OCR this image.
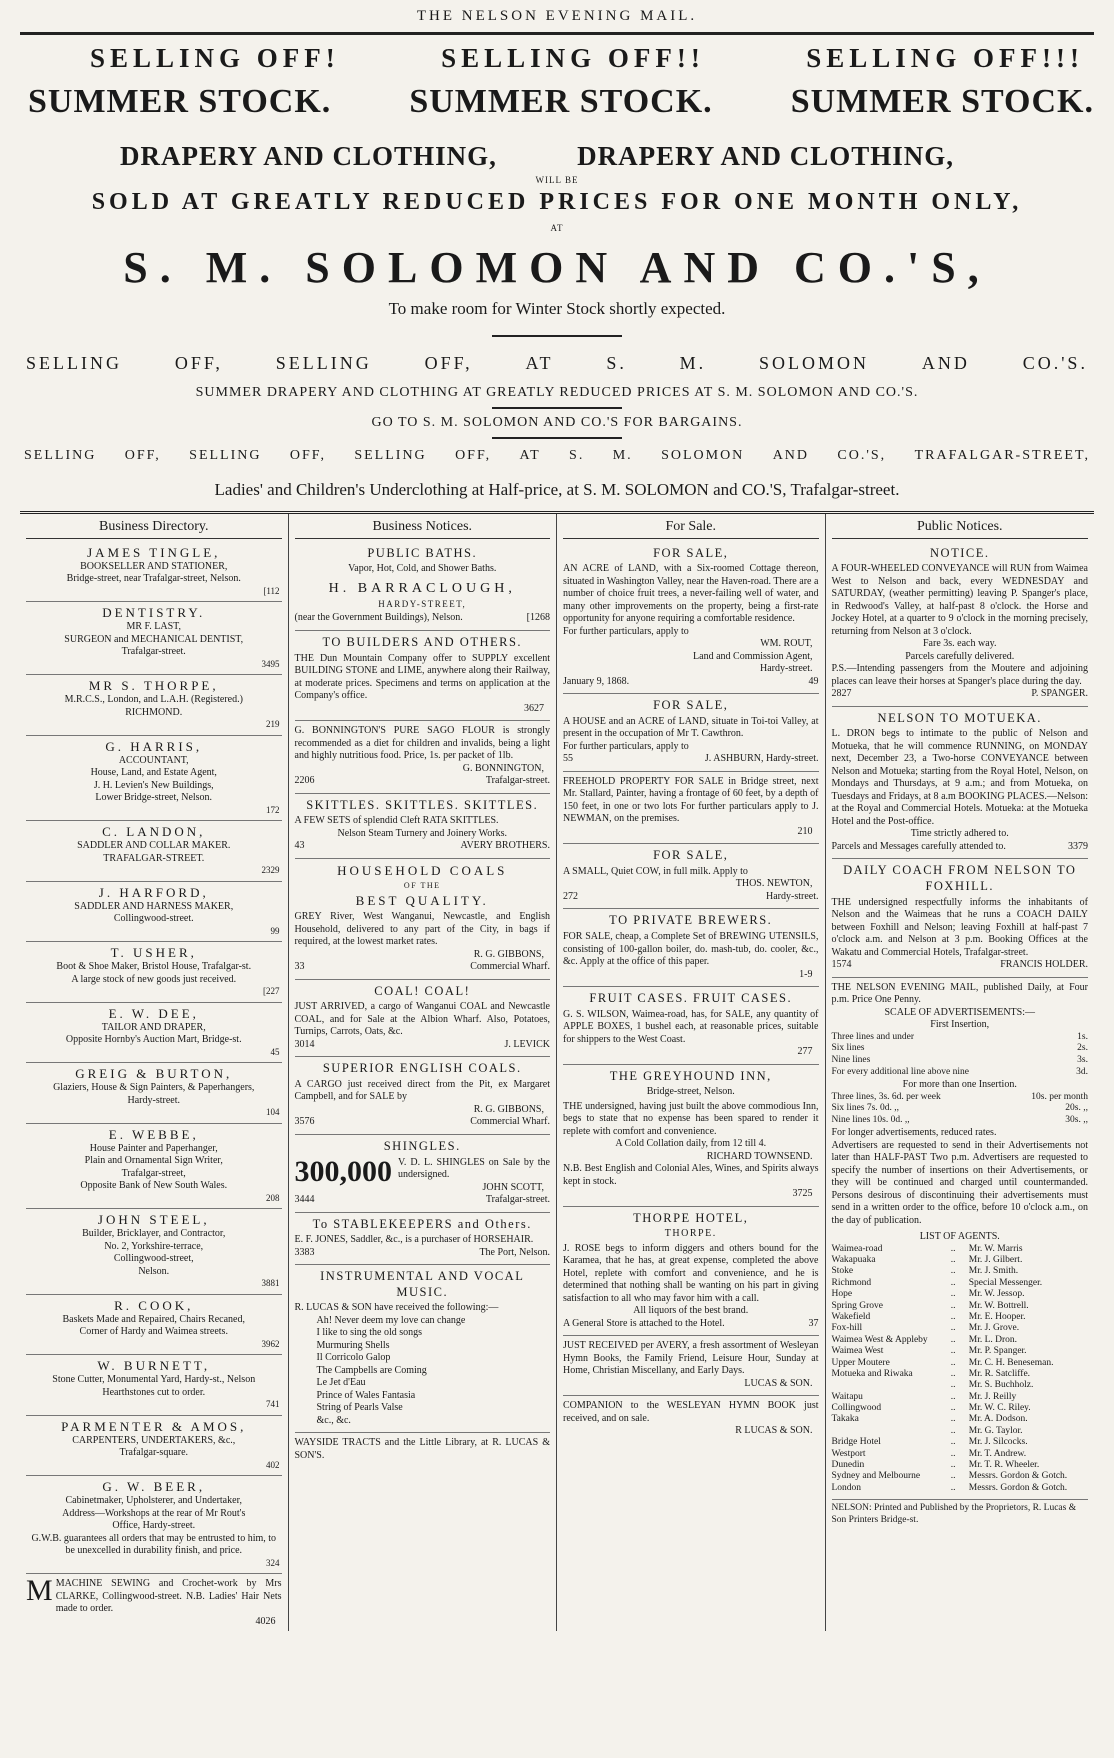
THE NELSON EVENING MAIL.
SELLING OFF!	SELLING OFF!!	SELLING OFF!!!
SUMMER STOCK. SUMMER STOCK. SUMMER STOCK.
DRAPERY AND CLOTHING,	DRAPERY AND CLOTHING,
WILL BE
SOLD AT GREATLY REDUCED PRICES FOR ONE MONTH ONLY,
AT
S. M. SOLOMON AND CO.'S,
To make room for Winter Stock shortly expected.
SELLING	OFF,	SELLING	OFF,	AT	S.	M.	SOLOMON	AND	CO.'S.
SUMMER DRAPERY AND CLOTHING AT GREATLY REDUCED PRICES AT S. M. SOLOMON AND CO.'S.
GO TO S. M. SOLOMON AND CO.'S FOR BARGAINS.
SELLING OFF, SELLING OFF, SELLING OFF, AT S. M. SOLOMON AND CO.'S, TRAFALGAR-STREET,
Ladies' and Children's Underclothing at Half-price, at S. M. SOLOMON and CO.'S, Trafalgar-street.
Business Directory.
JAMES TINGLE,
BOOKSELLER AND STATIONER,
Bridge-street, near Trafalgar-street, Nelson.
[112
DENTISTRY.
MR F. LAST,
SURGEON and MECHANICAL DENTIST,
Trafalgar-street.
3495
MR S. THORPE,
M.R.C.S., London, and L.A.H. (Registered.)
RICHMOND.
219
G. HARRIS,
ACCOUNTANT,
House, Land, and Estate Agent,
J. H. Levien's New Buildings,
Lower Bridge-street, Nelson.
172
C. LANDON,
SADDLER AND COLLAR MAKER.
TRAFALGAR-STREET.
2329
J. HARFORD,
SADDLER AND HARNESS MAKER,
Collingwood-street.
99
T. USHER,
Boot & Shoe Maker, Bristol House, Trafalgar-st.
A large stock of new goods just received.
[227
E. W. DEE,
TAILOR AND DRAPER,
Opposite Hornby's Auction Mart, Bridge-st.
45
GREIG & BURTON,
Glaziers, House & Sign Painters, & Paperhangers,
Hardy-street.
104
E. WEBBE,
House Painter and Paperhanger,
Plain and Ornamental Sign Writer,
Trafalgar-street,
Opposite Bank of New South Wales.
208
JOHN STEEL,
Builder, Bricklayer, and Contractor,
No. 2, Yorkshire-terrace,
Collingwood-street,
Nelson.
3881
R. COOK,
Baskets Made and Repaired, Chairs Recaned,
Corner of Hardy and Waimea streets.
3962
W. BURNETT,
Stone Cutter, Monumental Yard, Hardy-st., Nelson
Hearthstones cut to order.
741
PARMENTER & AMOS,
CARPENTERS, UNDERTAKERS, &c.,
Trafalgar-square.
402
G. W. BEER,
Cabinetmaker, Upholsterer, and Undertaker,
Address—Workshops at the rear of Mr Rout's
Office, Hardy-street.
G.W.B. guarantees all orders that may be entrusted to him, to be unexcelled in durability finish, and price.
324
MMACHINE SEWING and Crochet-work by Mrs CLARKE, Collingwood-street. N.B. Ladies' Hair Nets made to order.
4026
Business Notices.
PUBLIC BATHS.
Vapor, Hot, Cold, and Shower Baths.
H. BARRACLOUGH,
HARDY-STREET,
(near the Government Buildings), Nelson.	[1268
TO BUILDERS AND OTHERS.
THE Dun Mountain Company offer to SUPPLY excellent BUILDING STONE and LIME, anywhere along their Railway, at moderate prices. Specimens and terms on application at the Company's office.
3627
G. BONNINGTON'S PURE SAGO FLOUR is strongly recommended as a diet for children and invalids, being a light and highly nutritious food. Price, 1s. per packet of 1lb.
G. BONNINGTON,
2206	Trafalgar-street.
SKITTLES. SKITTLES. SKITTLES.
A FEW SETS of splendid Cleft RATA SKITTLES.
Nelson Steam Turnery and Joinery Works.
43	AVERY BROTHERS.
HOUSEHOLD COALS
OF THE
BEST QUALITY.
GREY River, West Wanganui, Newcastle, and English Household, delivered to any part of the City, in bags if required, at the lowest market rates.
R. G. GIBBONS,
33	Commercial Wharf.
COAL! COAL!
JUST ARRIVED, a cargo of Wanganui COAL and Newcastle COAL, and for Sale at the Albion Wharf. Also, Potatoes, Turnips, Carrots, Oats, &c.
3014	J. LEVICK
SUPERIOR ENGLISH COALS.
A CARGO just received direct from the Pit, ex Margaret Campbell, and for SALE by
R. G. GIBBONS,
3576	Commercial Wharf.
SHINGLES.
300,000 V. D. L. SHINGLES on Sale by the undersigned.
JOHN SCOTT,
3444	Trafalgar-street.
To STABLEKEEPERS and Others.
E. F. JONES, Saddler, &c., is a purchaser of HORSEHAIR.
3383	The Port, Nelson.
INSTRUMENTAL AND VOCAL MUSIC.
R. LUCAS & SON have received the following:—
Ah! Never deem my love can change
I like to sing the old songs
Murmuring Shells
Il Corricolo Galop
The Campbells are Coming
Le Jet d'Eau
Prince of Wales Fantasia
String of Pearls Valse
&c., &c.
WAYSIDE TRACTS and the Little Library, at R. LUCAS & SON'S.
For Sale.
FOR SALE,
AN ACRE of LAND, with a Six-roomed Cottage thereon, situated in Washington Valley, near the Haven-road. There are a number of choice fruit trees, a never-failing well of water, and many other improvements on the property, being a first-rate opportunity for anyone requiring a comfortable residence.
For further particulars, apply to
WM. ROUT,
Land and Commission Agent,
Hardy-street.
January 9, 1868.	49
FOR SALE,
A HOUSE and an ACRE of LAND, situate in Toi-toi Valley, at present in the occupation of Mr T. Cawthron.
For further particulars, apply to
55	J. ASHBURN, Hardy-street.
FREEHOLD PROPERTY FOR SALE in Bridge street, next Mr. Stallard, Painter, having a frontage of 60 feet, by a depth of 150 feet, in one or two lots For further particulars apply to J. NEWMAN, on the premises.
210
FOR SALE,
A SMALL, Quiet COW, in full milk. Apply to
THOS. NEWTON,
272	Hardy-street.
TO PRIVATE BREWERS.
FOR SALE, cheap, a Complete Set of BREWING UTENSILS, consisting of 100-gallon boiler, do. mash-tub, do. cooler, &c., &c. Apply at the office of this paper.
1-9
FRUIT CASES. FRUIT CASES.
G. S. WILSON, Waimea-road, has, for SALE, any quantity of APPLE BOXES, 1 bushel each, at reasonable prices, suitable for shippers to the West Coast.
277
THE GREYHOUND INN,
Bridge-street, Nelson.
THE undersigned, having just built the above commodious Inn, begs to state that no expense has been spared to render it replete with comfort and convenience.
A Cold Collation daily, from 12 till 4.
RICHARD TOWNSEND.
N.B. Best English and Colonial Ales, Wines, and Spirits always kept in stock.
3725
THORPE HOTEL,
THORPE.
J. ROSE begs to inform diggers and others bound for the Karamea, that he has, at great expense, completed the above Hotel, replete with comfort and convenience, and he is determined that nothing shall be wanting on his part in giving satisfaction to all who may favor him with a call.
All liquors of the best brand.
A General Store is attached to the Hotel.	37
JUST RECEIVED per AVERY, a fresh assortment of Wesleyan Hymn Books, the Family Friend, Leisure Hour, Sunday at Home, Christian Miscellany, and Early Days.
LUCAS & SON.
COMPANION to the WESLEYAN HYMN BOOK just received, and on sale.
R LUCAS & SON.
Public Notices.
NOTICE.
A FOUR-WHEELED CONVEYANCE will RUN from Waimea West to Nelson and back, every WEDNESDAY and SATURDAY, (weather permitting) leaving P. Spanger's place, in Redwood's Valley, at half-past 8 o'clock. the Horse and Jockey Hotel, at a quarter to 9 o'clock in the morning precisely, returning from Nelson at 3 o'clock.
Fare 3s. each way.
Parcels carefully delivered.
P.S.—Intending passengers from the Moutere and adjoining places can leave their horses at Spanger's place during the day.
2827	P. SPANGER.
NELSON TO MOTUEKA.
L. DRON begs to intimate to the public of Nelson and Motueka, that he will commence RUNNING, on MONDAY next, December 23, a Two-horse CONVEYANCE between Nelson and Motueka; starting from the Royal Hotel, Nelson, on Mondays and Thursdays, at 9 a.m.; and from Motueka, on Tuesdays and Fridays, at 8 a.m BOOKING PLACES.—Nelson: at the Royal and Commercial Hotels. Motueka: at the Motueka Hotel and the Post-office.
Time strictly adhered to.
Parcels and Messages carefully attended to.	3379
DAILY COACH FROM NELSON TO FOXHILL.
THE undersigned respectfully informs the inhabitants of Nelson and the Waimeas that he runs a COACH DAILY between Foxhill and Nelson; leaving Foxhill at half-past 7 o'clock a.m. and Nelson at 3 p.m. Booking Offices at the Wakatu and Commercial Hotels, Trafalgar-street.
1574	FRANCIS HOLDER.
THE NELSON EVENING MAIL, published Daily, at Four p.m. Price One Penny.
SCALE OF ADVERTISEMENTS:—
First Insertion,
Three lines and under	1s.
Six lines	2s.
Nine lines	3s.
For every additional line above nine	3d.
For more than one Insertion.
Three lines, 3s. 6d. per week	10s. per month
Six lines 7s. 0d. ,,	20s. ,,
Nine lines 10s. 0d. ,,	30s. ,,
For longer advertisements, reduced rates.
Advertisers are requested to send in their Advertisements not later than HALF-PAST Two p.m. Advertisers are requested to specify the number of insertions on their Advertisements, or they will be continued and charged until countermanded. Persons desirous of discontinuing their advertisements must send in a written order to the office, before 10 o'clock a.m., on the day of publication.
LIST OF AGENTS.
Waimea-road	..	Mr. W. Marris
Wakapuaka	..	Mr. J. Gilbert.
Stoke	..	Mr. J. Smith.
Richmond	..	Special Messenger.
Hope	..	Mr. W. Jessop.
Spring Grove	..	Mr. W. Bottrell.
Wakefield	..	Mr. E. Hooper.
Fox-hill	..	Mr. J. Grove.
Waimea West & Appleby	..	Mr. L. Dron.
Waimea West	..	Mr. P. Spanger.
Upper Moutere	..	Mr. C. H. Beneseman.
Motueka and Riwaka	..	Mr. R. Satcliffe.
..	Mr. S. Buchholz.
Waitapu	..	Mr. J. Reilly
Collingwood	..	Mr. W. C. Riley.
Takaka	..	Mr. A. Dodson.
..	Mr. G. Taylor.
Bridge Hotel	..	Mr. J. Silcocks.
Westport	..	Mr. T. Andrew.
Dunedin	..	Mr. T. R. Wheeler.
Sydney and Melbourne	..	Messrs. Gordon & Gotch.
London	..	Messrs. Gordon & Gotch.
NELSON: Printed and Published by the Proprietors, R. Lucas & Son Printers Bridge-st.
